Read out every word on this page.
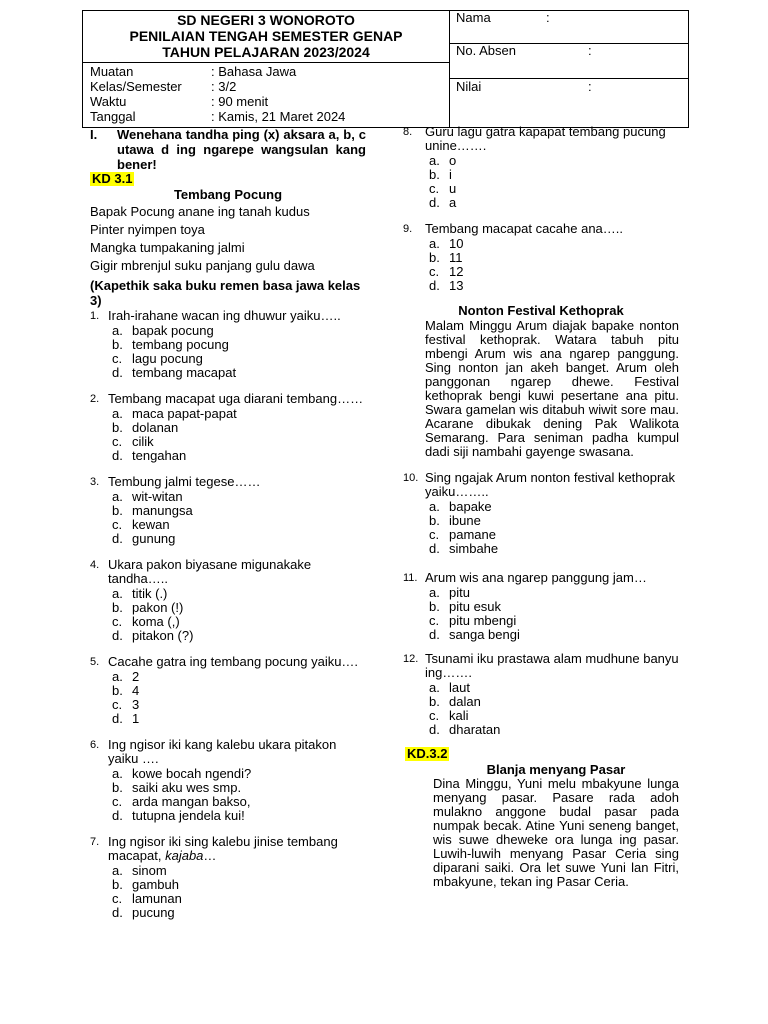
SD NEGERI 3 WONOROTO
PENILAIAN TENGAH SEMESTER GENAP
TAHUN PELAJARAN 2023/2024
Muatan	: Bahasa Jawa
Kelas/Semester	: 3/2
Waktu	: 90 menit
Tanggal	: Kamis, 21 Maret 2024
Nama	:
No. Absen	:
Nilai	:
I.	Wenehana tandha ping (x) aksara a, b, c utawa d ing ngarepe wangsulan kang bener!
KD 3.1
Tembang Pocung
Bapak Pocung anane ing tanah kudus
Pinter nyimpen toya
Mangka tumpakaning jalmi
Gigir mbrenjul suku panjang gulu dawa
(Kapethik saka buku remen basa jawa kelas 3)
1. Irah-irahane wacan ing dhuwur yaiku…..
a. bapak pocung
b. tembang pocung
c. lagu pocung
d. tembang macapat
2. Tembang macapat uga diarani tembang……
a. maca papat-papat
b. dolanan
c. cilik
d. tengahan
3. Tembung jalmi tegese……
a. wit-witan
b. manungsa
c. kewan
d. gunung
4. Ukara pakon biyasane migunakake tandha…..
a. titik (.)
b. pakon (!)
c. koma (,)
d. pitakon (?)
5. Cacahe gatra ing tembang pocung yaiku….
a. 2
b. 4
c. 3
d. 1
6. Ing ngisor iki kang kalebu ukara pitakon yaiku ….
a. kowe bocah ngendi?
b. saiki aku wes smp.
c. arda mangan bakso,
d. tutupna jendela kui!
7. Ing ngisor iki sing kalebu jinise tembang macapat, kajaba…
a. sinom
b. gambuh
c. lamunan
d. pucung
8. Guru lagu gatra kapapat tembang pucung unine…….
a. o
b. i
c. u
d. a
9. Tembang macapat cacahe ana…..
a. 10
b. 11
c. 12
d. 13
Nonton Festival Kethoprak
Malam Minggu Arum diajak bapake nonton festival kethoprak. Watara tabuh pitu mbengi Arum wis ana ngarep panggung. Sing nonton jan akeh banget. Arum oleh panggonan ngarep dhewe. Festival kethoprak bengi kuwi pesertane ana pitu. Swara gamelan wis ditabuh wiwit sore mau. Acarane dibukak dening Pak Walikota Semarang. Para seniman padha kumpul dadi siji nambahi gayenge swasana.
10. Sing ngajak Arum nonton festival kethoprak yaiku……..
a. bapake
b. ibune
c. pamane
d. simbahe
11. Arum wis ana ngarep panggung jam…
a. pitu
b. pitu esuk
c. pitu mbengi
d. sanga bengi
12. Tsunami iku prastawa alam mudhune banyu ing…….
a. laut
b. dalan
c. kali
d. dharatan
KD.3.2
Blanja menyang Pasar
Dina Minggu, Yuni melu mbakyune lunga menyang pasar. Pasare rada adoh mulakno anggone budal pasar pada numpak becak. Atine Yuni seneng banget, wis suwe dheweke ora lunga ing pasar. Luwih-luwih menyang Pasar Ceria sing diparani saiki. Ora let suwe Yuni lan Fitri, mbakyune, tekan ing Pasar Ceria.
